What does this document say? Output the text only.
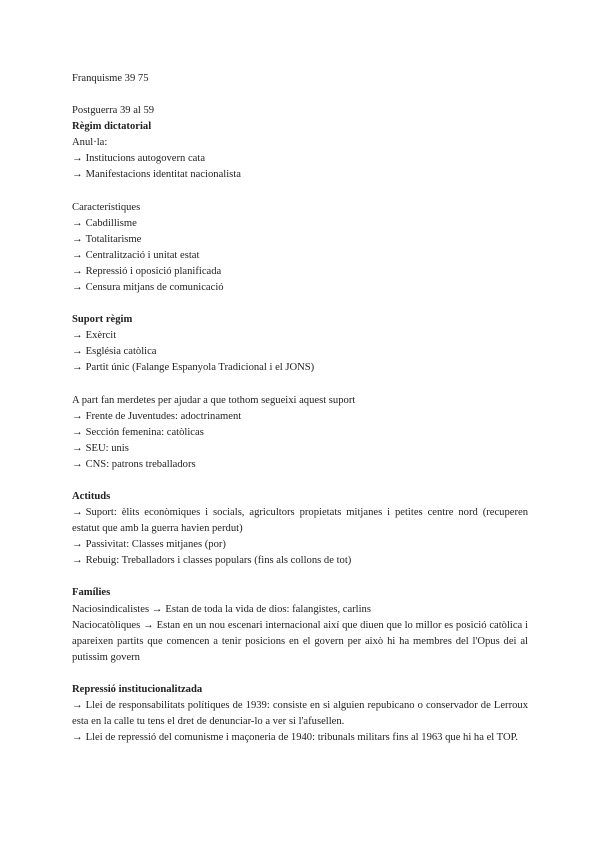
Franquisme 39 75
Postguerra 39 al 59
Règim dictatorial
Anul·la:
→ Institucions autogovern cata
→ Manifestacions identitat nacionalista
Característiques
→ Cabdillisme
→ Totalitarisme
→ Centralització i unitat estat
→ Repressió i oposició planificada
→ Censura mitjans de comunicació
Suport règim
→ Exèrcit
→ Església catòlica
→ Partit únic (Falange Espanyola Tradicional i el JONS)
A part fan merdetes per ajudar a que tothom segueixi aquest suport
→ Frente de Juventudes: adoctrinament
→ Sección femenina: catòlicas
→ SEU: unis
→ CNS: patrons treballadors
Actituds
→ Suport: èlits econòmiques i socials, agricultors propietats mitjanes i petites centre nord (recuperen estatut que amb la guerra havien perdut)
→ Passivitat: Classes mitjanes (por)
→ Rebuig: Treballadors i classes populars (fins als collons de tot)
Famílies
Naciosindicalistes → Estan de toda la vida de dios: falangistes, carlins
Naciocatòliques → Estan en un nou escenari internacional així que diuen que lo millor es posició catòlica i apareixen partits que comencen a tenir posicions en el govern per això hi ha membres del l'Opus dei al putissim govern
Repressió institucionalitzada
→ Llei de responsabilitats polítiques de 1939: consiste en si alguien repubicano o conservador de Lerroux esta en la calle tu tens el dret de denunciar-lo a ver si l'afusellen.
→ Llei de repressió del comunisme i maçoneria de 1940: tribunals militars fins al 1963 que hi ha el TOP.
